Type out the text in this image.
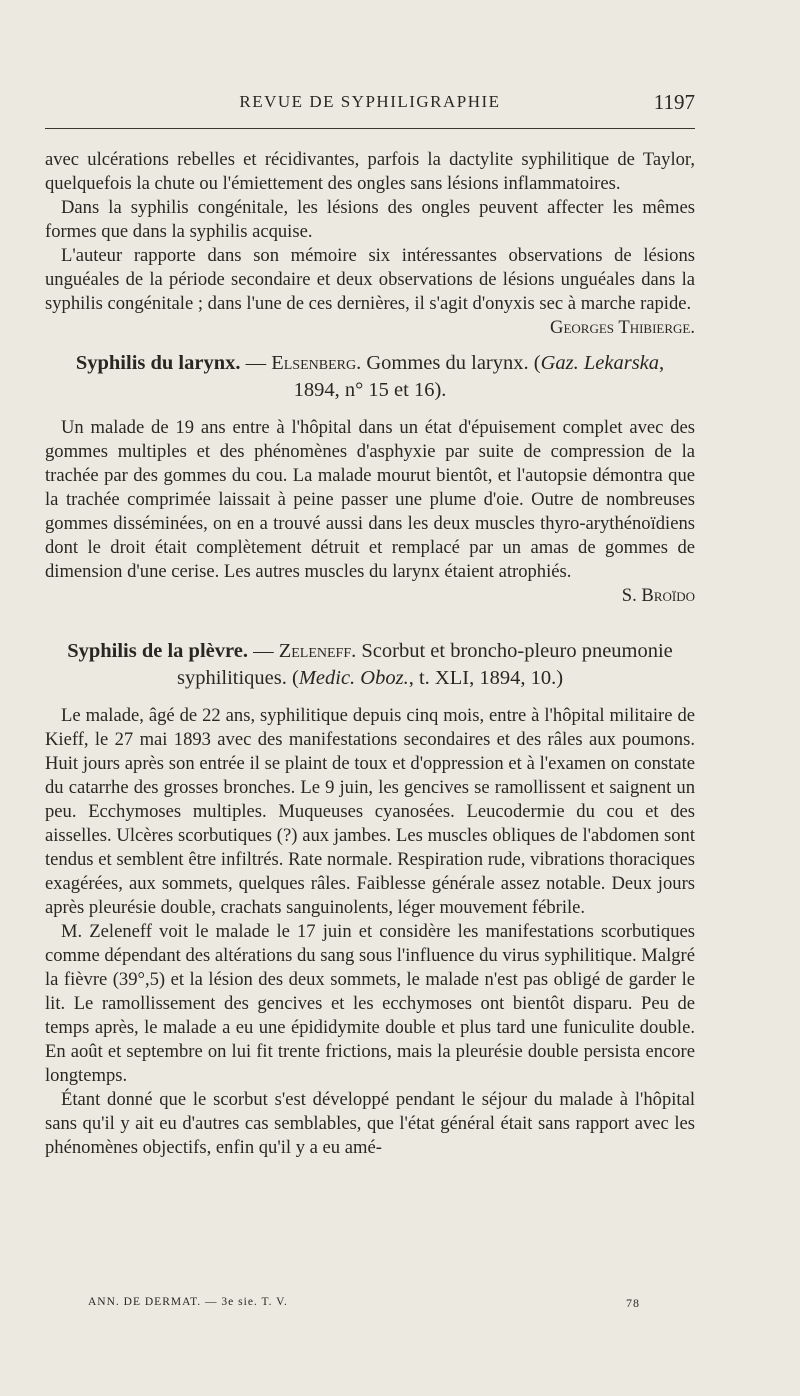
REVUE DE SYPHILIGRAPHIE	1197

avec ulcérations rebelles et récidivantes, parfois la dactylite syphilitique de Taylor, quelquefois la chute ou l'émiettement des ongles sans lésions inflammatoires.

Dans la syphilis congénitale, les lésions des ongles peuvent affecter les mêmes formes que dans la syphilis acquise.

L'auteur rapporte dans son mémoire six intéressantes observations de lésions unguéales de la période secondaire et deux observations de lésions unguéales dans la syphilis congénitale ; dans l'une de ces dernières, il s'agit d'onyxis sec à marche rapide.
Georges Thibierge.

Syphilis du larynx. — Elsenberg. Gommes du larynx. (Gaz. Lekarska, 1894, n° 15 et 16).

Un malade de 19 ans entre à l'hôpital dans un état d'épuisement complet avec des gommes multiples et des phénomènes d'asphyxie par suite de compression de la trachée par des gommes du cou. La malade mourut bientôt, et l'autopsie démontra que la trachée comprimée laissait à peine passer une plume d'oie. Outre de nombreuses gommes disséminées, on en a trouvé aussi dans les deux muscles thyro-arythénoïdiens dont le droit était complètement détruit et remplacé par un amas de gommes de dimension d'une cerise. Les autres muscles du larynx étaient atrophiés.

S. Broïdo
Syphilis de la plèvre. — Zeleneff. Scorbut et broncho-pleuro pneumonie syphilitiques. (Medic. Oboz., t. XLI, 1894, 10.)

Le malade, âgé de 22 ans, syphilitique depuis cinq mois, entre à l'hôpital militaire de Kieff, le 27 mai 1893 avec des manifestations secondaires et des râles aux poumons. Huit jours après son entrée il se plaint de toux et d'oppression et à l'examen on constate du catarrhe des grosses bronches. Le 9 juin, les gencives se ramollissent et saignent un peu. Ecchymoses multiples. Muqueuses cyanosées. Leucodermie du cou et des aisselles. Ulcères scorbutiques (?) aux jambes. Les muscles obliques de l'abdomen sont tendus et semblent être infiltrés. Rate normale. Respiration rude, vibrations thoraciques exagérées, aux sommets, quelques râles. Faiblesse générale assez notable. Deux jours après pleurésie double, crachats sanguinolents, léger mouvement fébrile.

M. Zeleneff voit le malade le 17 juin et considère les manifestations scorbutiques comme dépendant des altérations du sang sous l'influence du virus syphilitique. Malgré la fièvre (39°,5) et la lésion des deux sommets, le malade n'est pas obligé de garder le lit. Le ramollissement des gencives et les ecchymoses ont bientôt disparu. Peu de temps après, le malade a eu une épididymite double et plus tard une funiculite double. En août et septembre on lui fit trente frictions, mais la pleurésie double persista encore longtemps.

Étant donné que le scorbut s'est développé pendant le séjour du malade à l'hôpital sans qu'il y ait eu d'autres cas semblables, que l'état général était sans rapport avec les phénomènes objectifs, enfin qu'il y a eu amé-

ANN. DE DERMAT. — 3e sie. T. V.	78
